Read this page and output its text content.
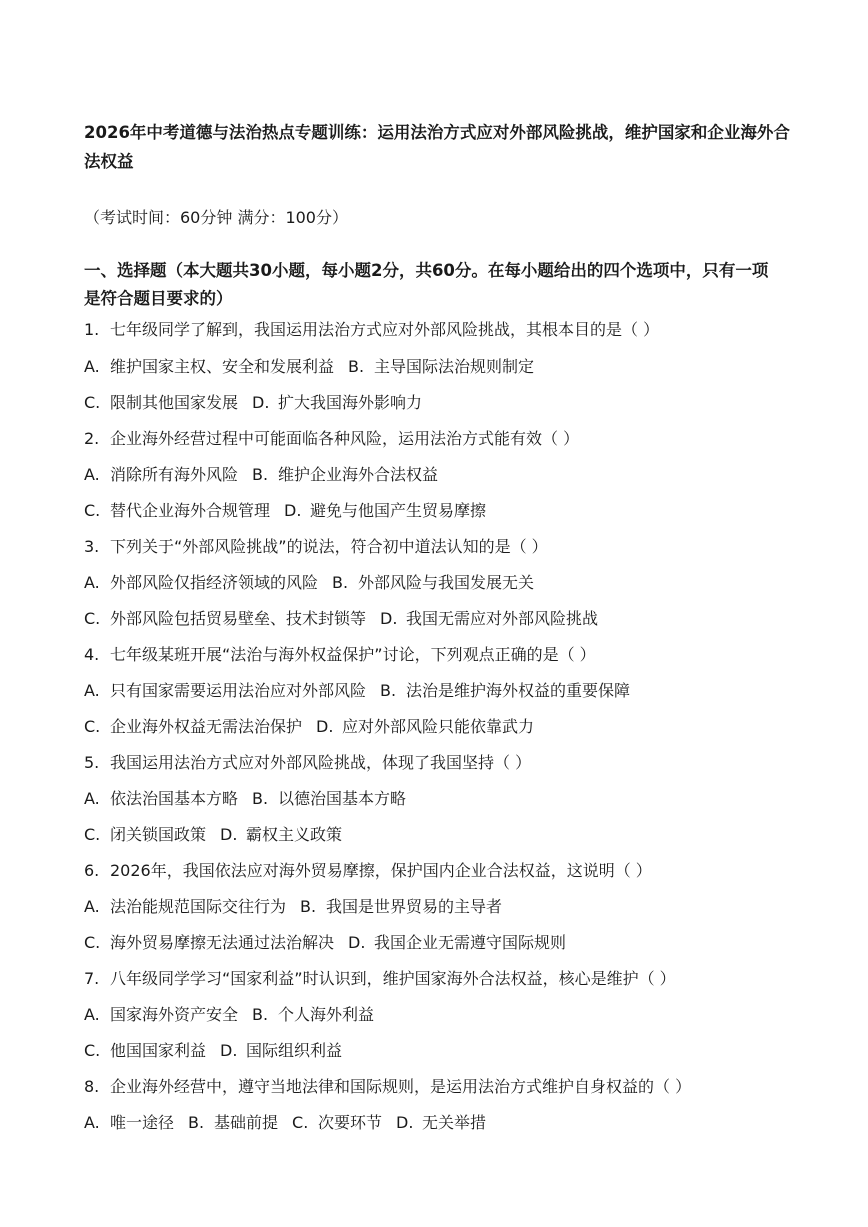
2026年中考道德与法治热点专题训练：运用法治方式应对外部风险挑战，维护国家和企业海外合法权益
（考试时间：60分钟 满分：100分）
一、选择题（本大题共30小题，每小题2分，共60分。在每小题给出的四个选项中，只有一项是符合题目要求的）
1. 七年级同学了解到，我国运用法治方式应对外部风险挑战，其根本目的是（ ）
A. 维护国家主权、安全和发展利益 B. 主导国际法治规则制定
C. 限制其他国家发展 D. 扩大我国海外影响力
2. 企业海外经营过程中可能面临各种风险，运用法治方式能有效（ ）
A. 消除所有海外风险 B. 维护企业海外合法权益
C. 替代企业海外合规管理 D. 避免与他国产生贸易摩擦
3. 下列关于“外部风险挑战”的说法，符合初中道法认知的是（ ）
A. 外部风险仅指经济领域的风险 B. 外部风险与我国发展无关
C. 外部风险包括贸易壁垒、技术封锁等 D. 我国无需应对外部风险挑战
4. 七年级某班开展“法治与海外权益保护”讨论，下列观点正确的是（ ）
A. 只有国家需要运用法治应对外部风险 B. 法治是维护海外权益的重要保障
C. 企业海外权益无需法治保护 D. 应对外部风险只能依靠武力
5. 我国运用法治方式应对外部风险挑战，体现了我国坚持（ ）
A. 依法治国基本方略 B. 以德治国基本方略
C. 闭关锁国政策 D. 霸权主义政策
6. 2026年，我国依法应对海外贸易摩擦，保护国内企业合法权益，这说明（ ）
A. 法治能规范国际交往行为 B. 我国是世界贸易的主导者
C. 海外贸易摩擦无法通过法治解决 D. 我国企业无需遵守国际规则
7. 八年级同学学习“国家利益”时认识到，维护国家海外合法权益，核心是维护（ ）
A. 国家海外资产安全 B. 个人海外利益
C. 他国国家利益 D. 国际组织利益
8. 企业海外经营中，遵守当地法律和国际规则，是运用法治方式维护自身权益的（ ）
A. 唯一途径 B. 基础前提 C. 次要环节 D. 无关举措
